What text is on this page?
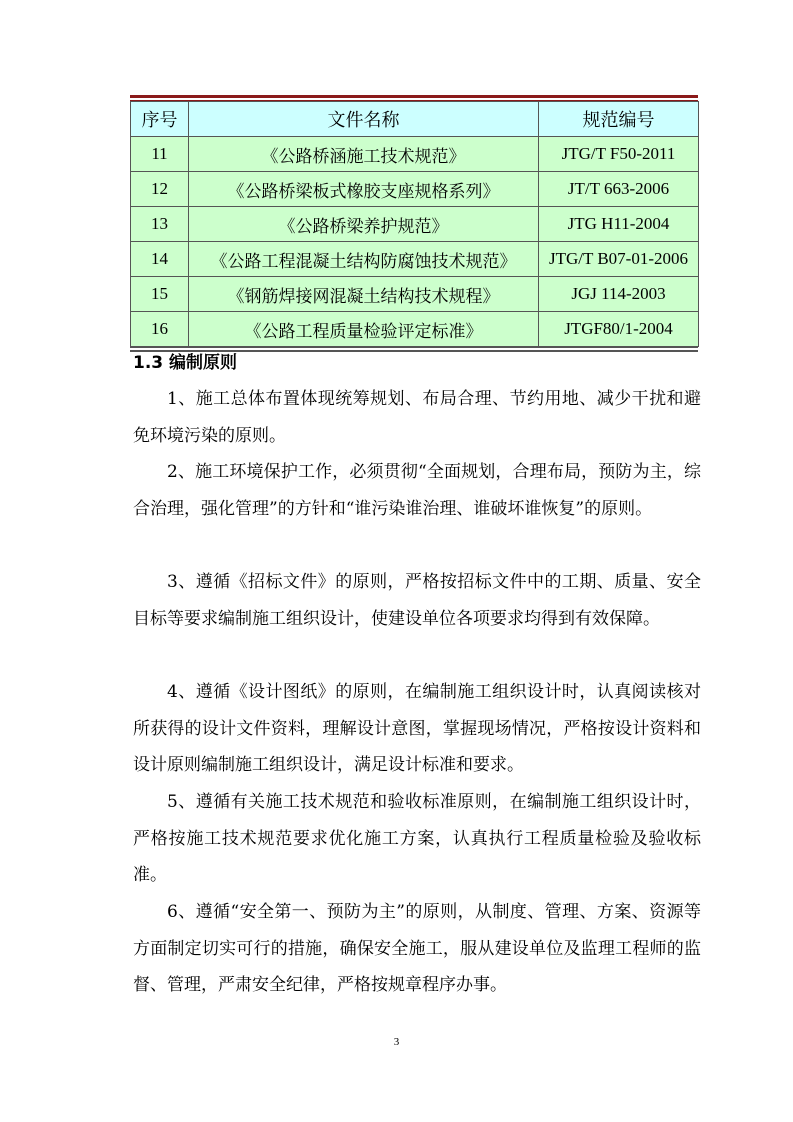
序号	文件名称	规范编号
11	《公路桥涵施工技术规范》	JTG/T F50-2011
12	《公路桥梁板式橡胶支座规格系列》	JT/T 663-2006
13	《公路桥梁养护规范》	JTG H11-2004
14	《公路工程混凝土结构防腐蚀技术规范》	JTG/T B07-01-2006
15	《钢筋焊接网混凝土结构技术规程》	JGJ 114-2003
16	《公路工程质量检验评定标准》	JTGF80/1-2004
1.3 编制原则

1、施工总体布置体现统筹规划、布局合理、节约用地、减少干扰和避免环境污染的原则。

2、施工环境保护工作，必须贯彻“全面规划，合理布局，预防为主，综合治理，强化管理”的方针和“谁污染谁治理、谁破坏谁恢复”的原则。

3、遵循《招标文件》的原则，严格按招标文件中的工期、质量、安全目标等要求编制施工组织设计，使建设单位各项要求均得到有效保障。

4、遵循《设计图纸》的原则，在编制施工组织设计时，认真阅读核对所获得的设计文件资料，理解设计意图，掌握现场情况，严格按设计资料和设计原则编制施工组织设计，满足设计标准和要求。

5、遵循有关施工技术规范和验收标准原则，在编制施工组织设计时，严格按施工技术规范要求优化施工方案，认真执行工程质量检验及验收标准。

6、遵循“安全第一、预防为主”的原则，从制度、管理、方案、资源等方面制定切实可行的措施，确保安全施工，服从建设单位及监理工程师的监督、管理，严肃安全纪律，严格按规章程序办事。

3
